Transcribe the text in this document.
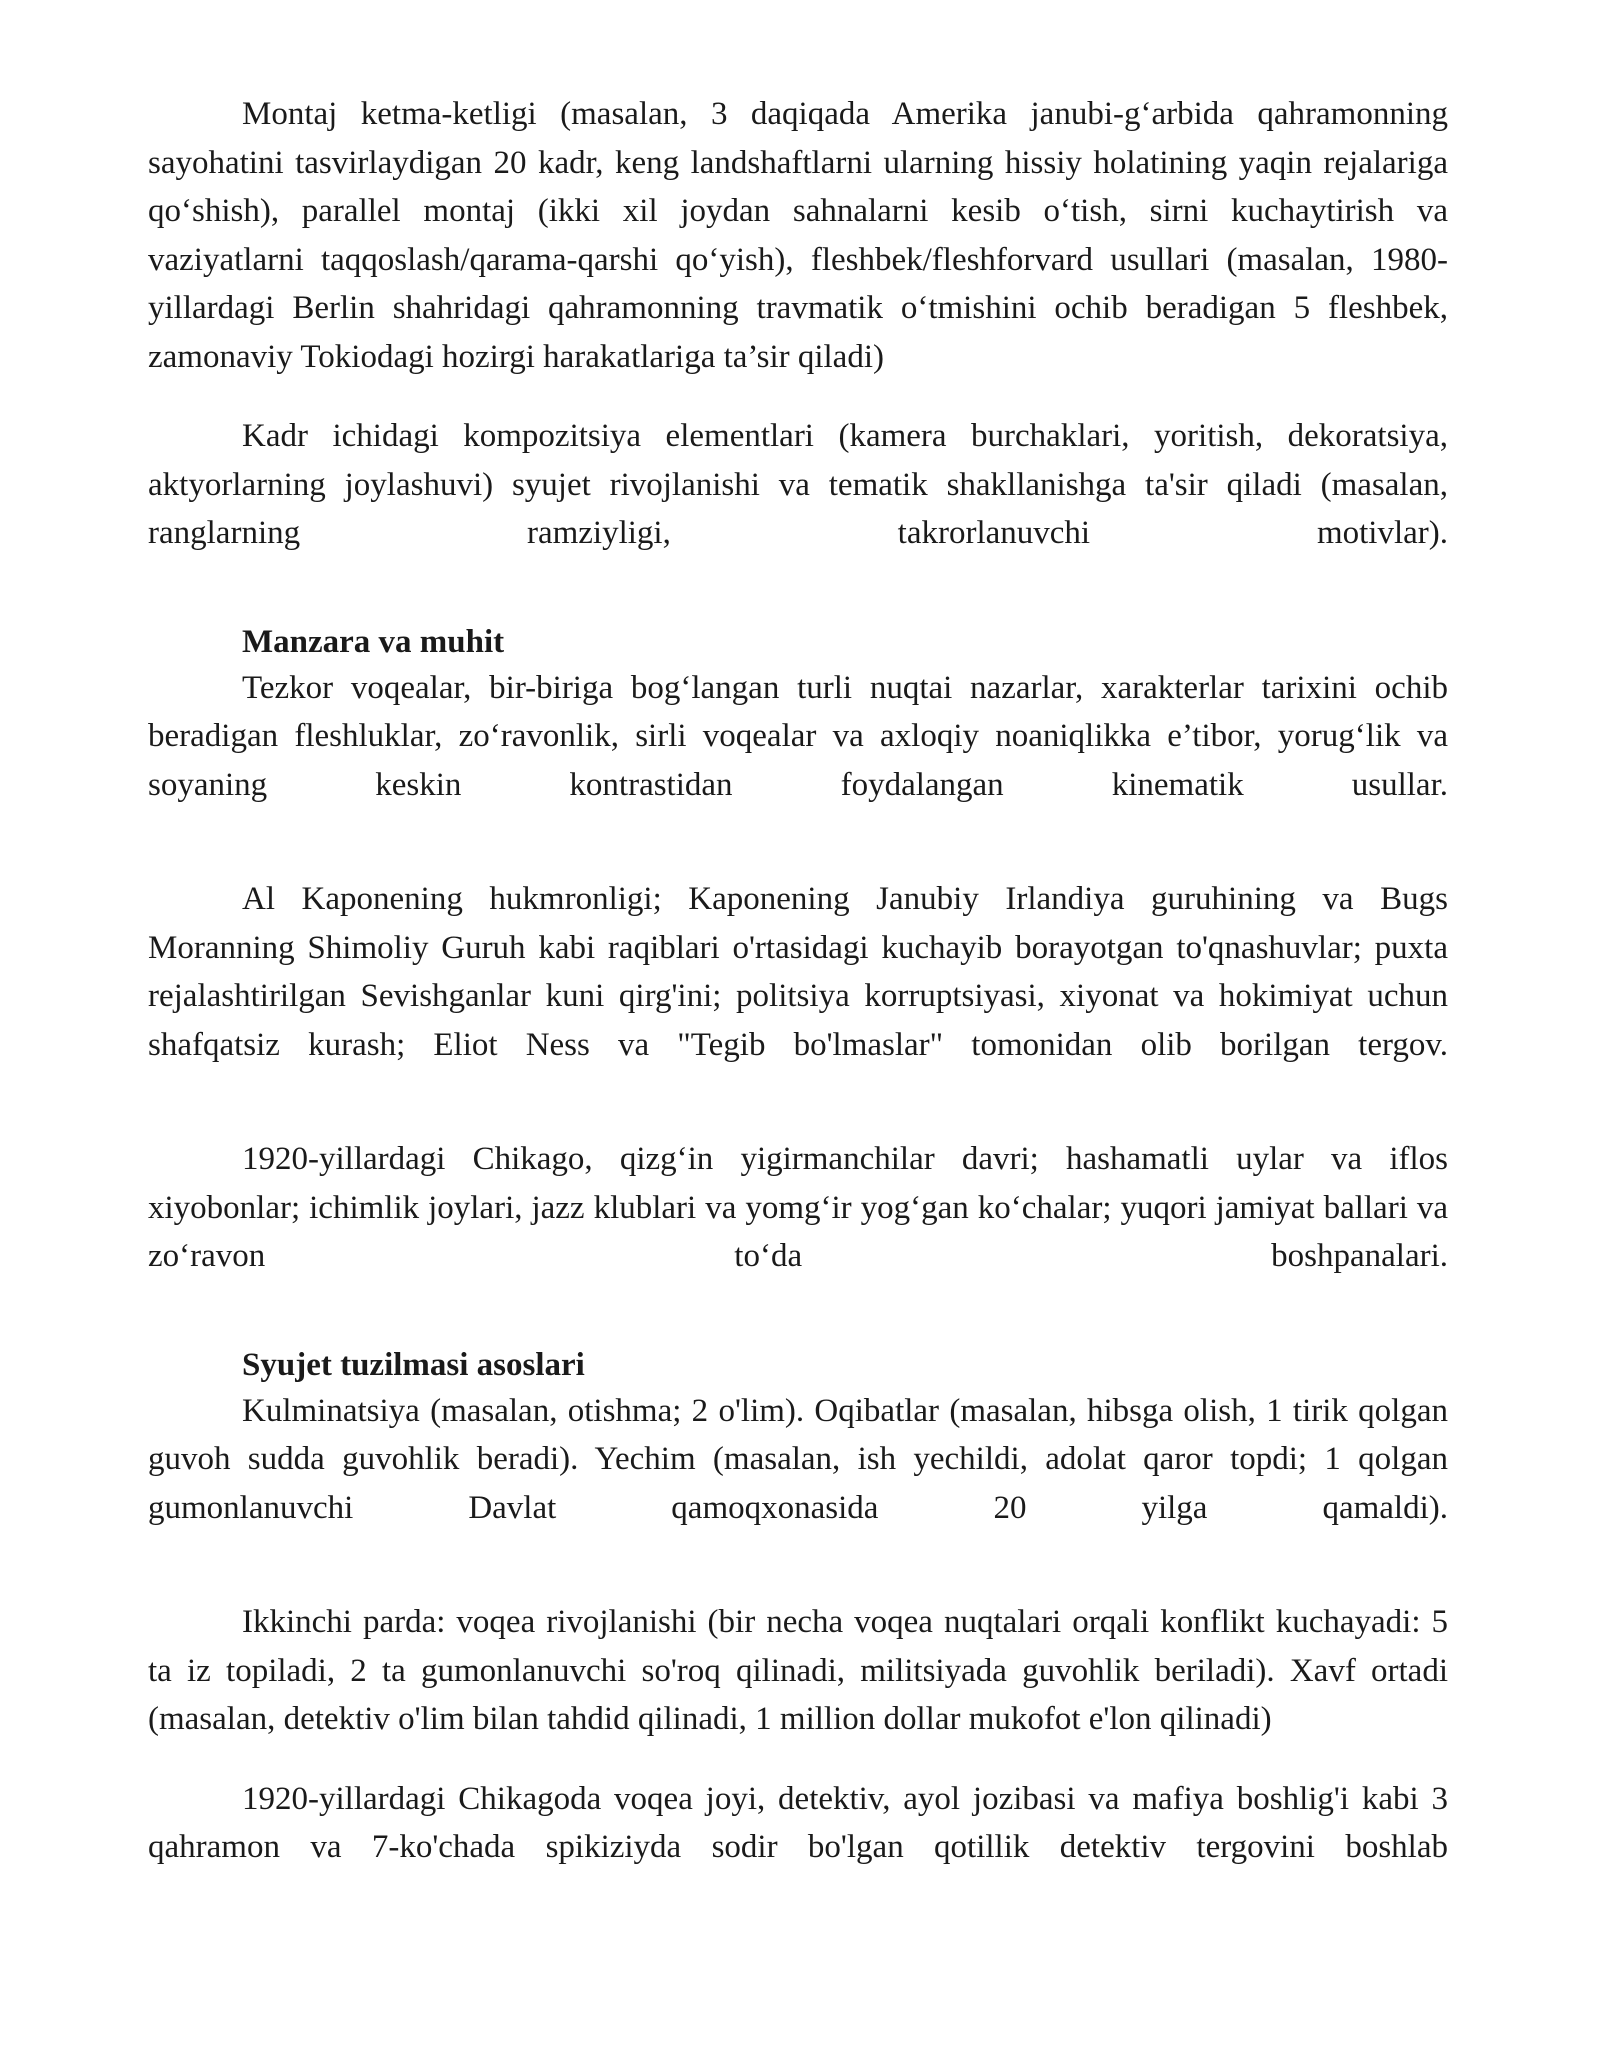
Montaj ketma-ketligi (masalan, 3 daqiqada Amerika janubi-g‘arbida qahramonning sayohatini tasvirlaydigan 20 kadr, keng landshaftlarni ularning hissiy holatining yaqin rejalariga qo‘shish), parallel montaj (ikki xil joydan sahnalarni kesib o‘tish, sirni kuchaytirish va vaziyatlarni taqqoslash/qarama-qarshi qo‘yish), fleshbek/fleshforvard usullari (masalan, 1980-yillardagi Berlin shahridagi qahramonning travmatik o‘tmishini ochib beradigan 5 fleshbek, zamonaviy Tokiodagi hozirgi harakatlariga ta’sir qiladi)

Kadr ichidagi kompozitsiya elementlari (kamera burchaklari, yoritish, dekoratsiya, aktyorlarning joylashuvi) syujet rivojlanishi va tematik shakllanishga ta'sir qiladi (masalan, ranglarning ramziyligi, takrorlanuvchi motivlar).

Manzara va muhit

Tezkor voqealar, bir-biriga bog‘langan turli nuqtai nazarlar, xarakterlar tarixini ochib beradigan fleshluklar, zo‘ravonlik, sirli voqealar va axloqiy noaniqlikka e’tibor, yorug‘lik va soyaning keskin kontrastidan foydalangan kinematik usullar.

Al Kaponening hukmronligi; Kaponening Janubiy Irlandiya guruhining va Bugs Moranning Shimoliy Guruh kabi raqiblari o'rtasidagi kuchayib borayotgan to'qnashuvlar; puxta rejalashtirilgan Sevishganlar kuni qirg'ini; politsiya korruptsiyasi, xiyonat va hokimiyat uchun shafqatsiz kurash; Eliot Ness va "Tegib bo'lmaslar" tomonidan olib borilgan tergov.

1920-yillardagi Chikago, qizg‘in yigirmanchilar davri; hashamatli uylar va iflos xiyobonlar; ichimlik joylari, jazz klublari va yomg‘ir yog‘gan ko‘chalar; yuqori jamiyat ballari va zo‘ravon to‘da boshpanalari.

Syujet tuzilmasi asoslari

Kulminatsiya (masalan, otishma; 2 o'lim). Oqibatlar (masalan, hibsga olish, 1 tirik qolgan guvoh sudda guvohlik beradi). Yechim (masalan, ish yechildi, adolat qaror topdi; 1 qolgan gumonlanuvchi Davlat qamoqxonasida 20 yilga qamaldi).

Ikkinchi parda: voqea rivojlanishi (bir necha voqea nuqtalari orqali konflikt kuchayadi: 5 ta iz topiladi, 2 ta gumonlanuvchi so'roq qilinadi, militsiyada guvohlik beriladi). Xavf ortadi (masalan, detektiv o'lim bilan tahdid qilinadi, 1 million dollar mukofot e'lon qilinadi)

1920-yillardagi Chikagoda voqea joyi, detektiv, ayol jozibasi va mafiya boshlig'i kabi 3 qahramon va 7-ko'chada spikiziyda sodir bo'lgan qotillik detektiv tergovini boshlab
